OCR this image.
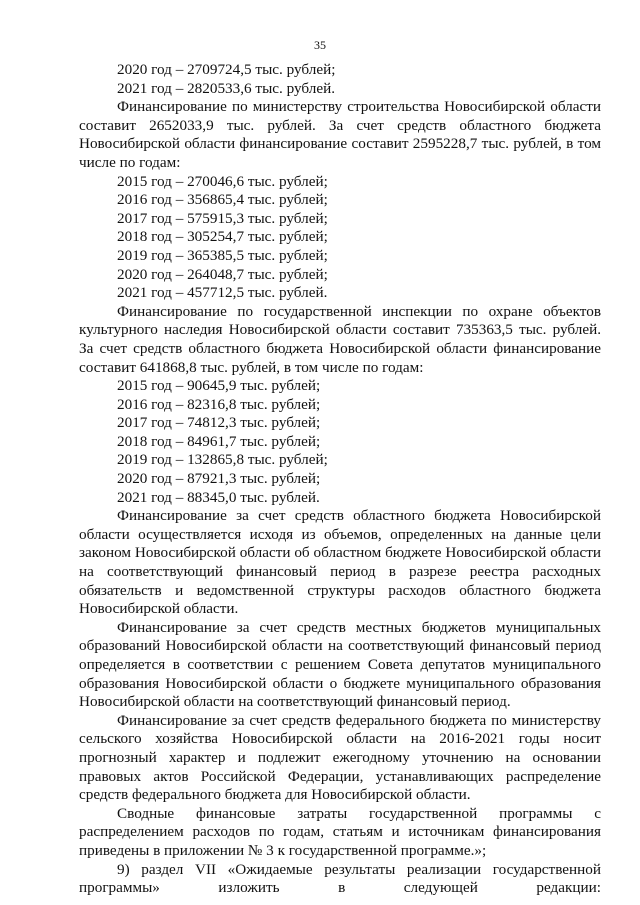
35

2020 год – 2709724,5 тыс. рублей;

2021 год – 2820533,6 тыс. рублей.

Финансирование по министерству строительства Новосибирской области составит 2652033,9 тыс. рублей. За счет средств областного бюджета Новосибирской области финансирование составит 2595228,7 тыс. рублей, в том числе по годам:

2015 год – 270046,6 тыс. рублей;

2016 год – 356865,4 тыс. рублей;

2017 год – 575915,3 тыс. рублей;

2018 год – 305254,7 тыс. рублей;

2019 год – 365385,5 тыс. рублей;

2020 год – 264048,7 тыс. рублей;

2021 год – 457712,5 тыс. рублей.

Финансирование по государственной инспекции по охране объектов культурного наследия Новосибирской области составит 735363,5 тыс. рублей. За счет средств областного бюджета Новосибирской области финансирование составит 641868,8 тыс. рублей, в том числе по годам:

2015 год – 90645,9 тыс. рублей;

2016 год – 82316,8 тыс. рублей;

2017 год – 74812,3 тыс. рублей;

2018 год – 84961,7 тыс. рублей;

2019 год – 132865,8 тыс. рублей;

2020 год – 87921,3 тыс. рублей;

2021 год – 88345,0 тыс. рублей.

Финансирование за счет средств областного бюджета Новосибирской области осуществляется исходя из объемов, определенных на данные цели законом Новосибирской области об областном бюджете Новосибирской области на соответствующий финансовый период в разрезе реестра расходных обязательств и ведомственной структуры расходов областного бюджета Новосибирской области.

Финансирование за счет средств местных бюджетов муниципальных образований Новосибирской области на соответствующий финансовый период определяется в соответствии с решением Совета депутатов муниципального образования Новосибирской области о бюджете муниципального образования Новосибирской области на соответствующий финансовый период.

Финансирование за счет средств федерального бюджета по министерству сельского хозяйства Новосибирской области на 2016-2021 годы носит прогнозный характер и подлежит ежегодному уточнению на основании правовых актов Российской Федерации, устанавливающих распределение средств федерального бюджета для Новосибирской области.

Сводные финансовые затраты государственной программы с распределением расходов по годам, статьям и источникам финансирования приведены в приложении № 3 к государственной программе.»;

9) раздел VII «Ожидаемые результаты реализации государственной программы» изложить в следующей редакции:
